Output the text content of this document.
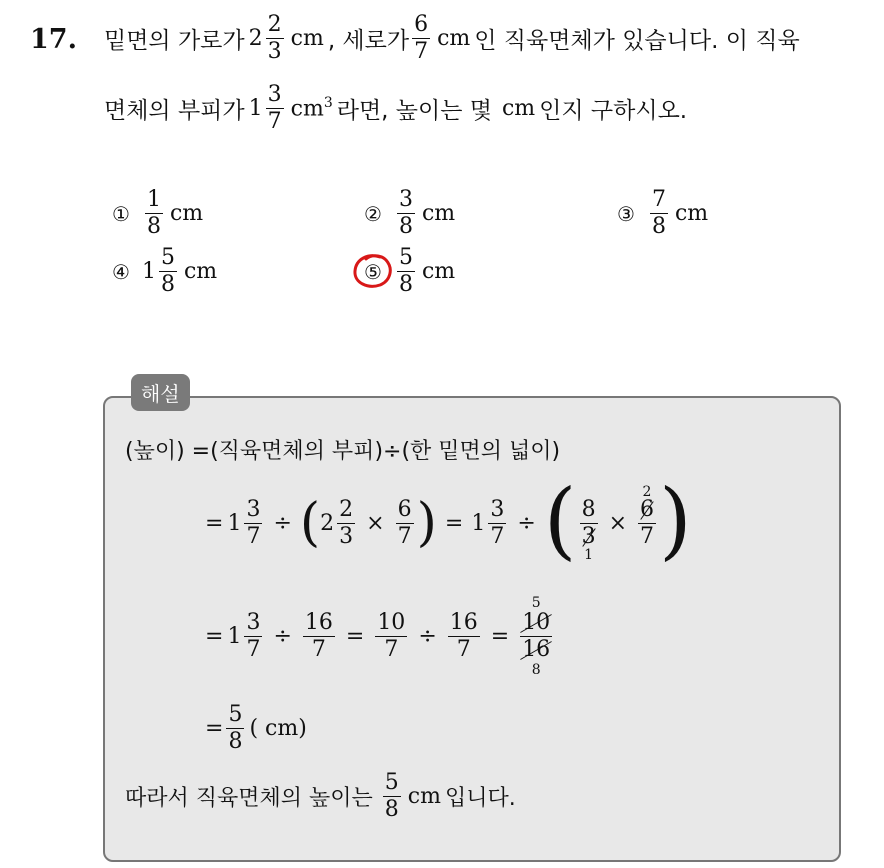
17. 밑면의 가로가 $2 \frac{2}{3}$ cm , 세로가 $\frac{6}{7}$ cm 인 직육면체가 있습니다. 이 직육
면체의 부피가 $1 \frac{3}{7} cm^3$ 라면, 높이는 몇 cm 인지 구하시오.
① $\frac{1}{8}$ cm	② $\frac{3}{8}$ cm	③ $\frac{7}{8}$ cm
④ $1 \frac{5}{8}$ cm	⑤ $\frac{5}{8}$ cm
해설
(높이) =(직육면체의 부피)÷(한 밑면의 넓이)
= $1 \frac{3}{7}$ ÷ ( $2 \frac{2}{3} \times \frac{6}{7}$ ) = $1 \frac{3}{7}$ ÷ ( $\frac{8}{3}$
1
×
2
$\frac{6}{7}$ )
= $1 \frac{3}{7} \div \frac{16}{7} = \frac{10}{7} \div \frac{16}{7}$ =
5
$\frac{10}{16}$
8
= $\frac{5}{8}$ ( cm)
따라서 직육면체의 높이는 $\frac{5}{8}$ cm 입니다.
